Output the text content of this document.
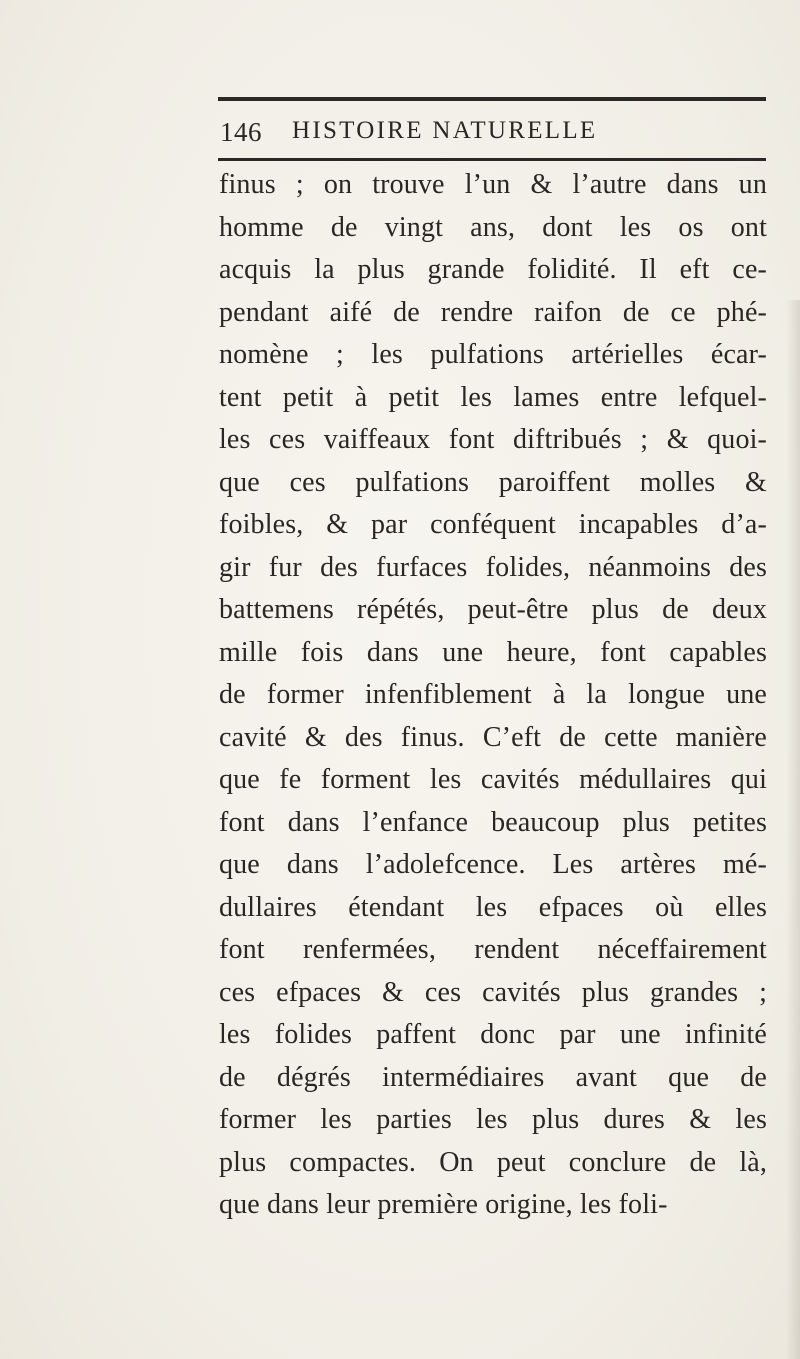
146 HISTOIRE NATURELLE
finus ; on trouve l’un & l’autre dans un
homme de vingt ans, dont les os ont
acquis la plus grande folidité. Il eft ce-
pendant aifé de rendre raifon de ce phé-
nomène ; les pulfations artérielles écar-
tent petit à petit les lames entre lefquel-
les ces vaiffeaux font diftribués ; & quoi-
que ces pulfations paroiffent molles &
foibles, & par conféquent incapables d’a-
gir fur des furfaces folides, néanmoins des
battemens répétés, peut-être plus de deux
mille fois dans une heure, font capables
de former infenfiblement à la longue une
cavité & des finus. C’eft de cette manière
que fe forment les cavités médullaires qui
font dans l’enfance beaucoup plus petites
que dans l’adolefcence. Les artères mé-
dullaires étendant les efpaces où elles
font renfermées, rendent néceffairement
ces efpaces & ces cavités plus grandes ;
les folides paffent donc par une infinité
de dégrés intermédiaires avant que de
former les parties les plus dures & les
plus compactes. On peut conclure de là,
que dans leur première origine, les foli-
